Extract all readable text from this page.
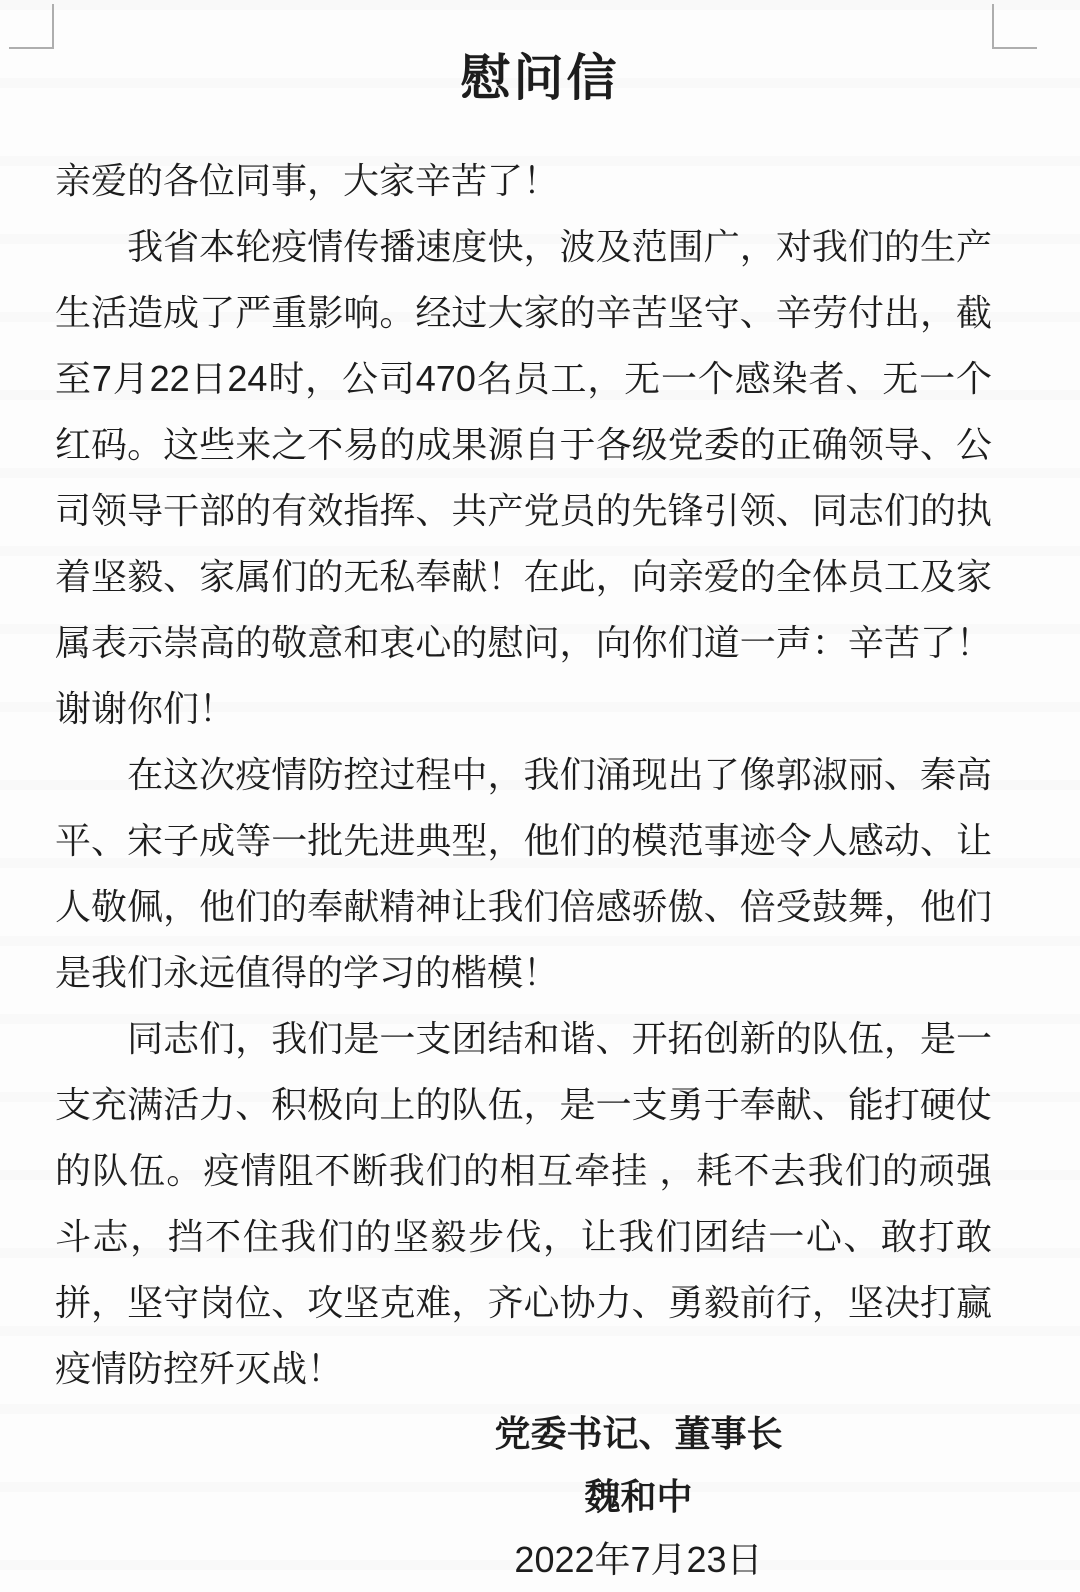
慰问信
亲爱的各位同事，大家辛苦了！
　　我省本轮疫情传播速度快，波及范围广，对我们的生产
生活造成了严重影响。经过大家的辛苦坚守、辛劳付出，截
至7月22日24时，公司470名员工，无一个感染者、无一个
红码。这些来之不易的成果源自于各级党委的正确领导、公
司领导干部的有效指挥、共产党员的先锋引领、同志们的执
着坚毅、家属们的无私奉献！在此，向亲爱的全体员工及家
属表示崇高的敬意和衷心的慰问，向你们道一声：辛苦了！
谢谢你们！
　　在这次疫情防控过程中，我们涌现出了像郭淑丽、秦高
平、宋子成等一批先进典型，他们的模范事迹令人感动、让
人敬佩，他们的奉献精神让我们倍感骄傲、倍受鼓舞，他们
是我们永远值得的学习的楷模！
　　同志们，我们是一支团结和谐、开拓创新的队伍，是一
支充满活力、积极向上的队伍，是一支勇于奉献、能打硬仗
的队伍。疫情阻不断我们的相互牵挂 ，耗不去我们的顽强
斗志，挡不住我们的坚毅步伐，让我们团结一心、敢打敢
拼，坚守岗位、攻坚克难，齐心协力、勇毅前行，坚决打赢
疫情防控歼灭战！
党委书记、董事长
魏和中
2022年7月23日
